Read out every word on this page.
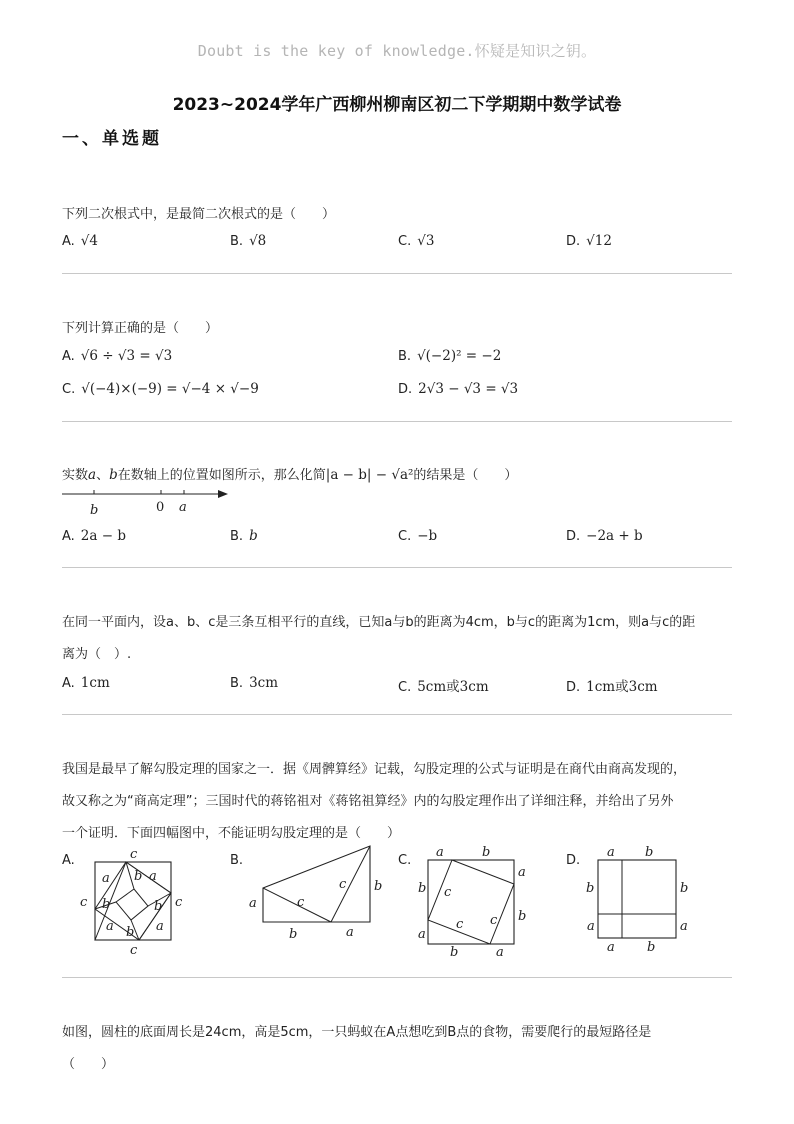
Doubt is the key of knowledge.怀疑是知识之钥。
2023~2024学年广西柳州柳南区初二下学期期中数学试卷
一、单选题
下列二次根式中，是最简二次根式的是（　　）
A. √4	B. √8	C. √3	D. √12
下列计算正确的是（　　）
A. √6 ÷ √3 = √3	B. √(−2)² = −2
C. √(−4)×(−9) = √−4 × √−9	D. 2√3 − √3 = √3
实数a、b在数轴上的位置如图所示，那么化简|a − b| − √a²的结果是（　　）
b	0 a
A. 2a − b	B. b	C. −b	D. −2a + b
在同一平面内，设a、b、c是三条互相平行的直线，已知a与b的距离为4cm，b与c的距离为1cm，则a与c的距
离为（　）.
A. 1cm	B. 3cm	C. 5cm或3cm	D. 1cm或3cm
我国是最早了解勾股定理的国家之一．据《周髀算经》记载，勾股定理的公式与证明是在商代由商高发现的，
故又称之为“商高定理”；三国时代的蒋铭祖对《蒋铭祖算经》内的勾股定理作出了详细注释，并给出了另外
一个证明．下面四幅图中，不能证明勾股定理的是（　　）
A.	B.	C.	D.
c
a b a
c b	b c
a b a
c
a	c
c b
b	a
a	b
b
a
c
b
c
c
a
b	a
a b
b	b
a	a
a b
如图，圆柱的底面周长是24cm，高是5cm，一只蚂蚁在A点想吃到B点的食物，需要爬行的最短路径是
（　　）
